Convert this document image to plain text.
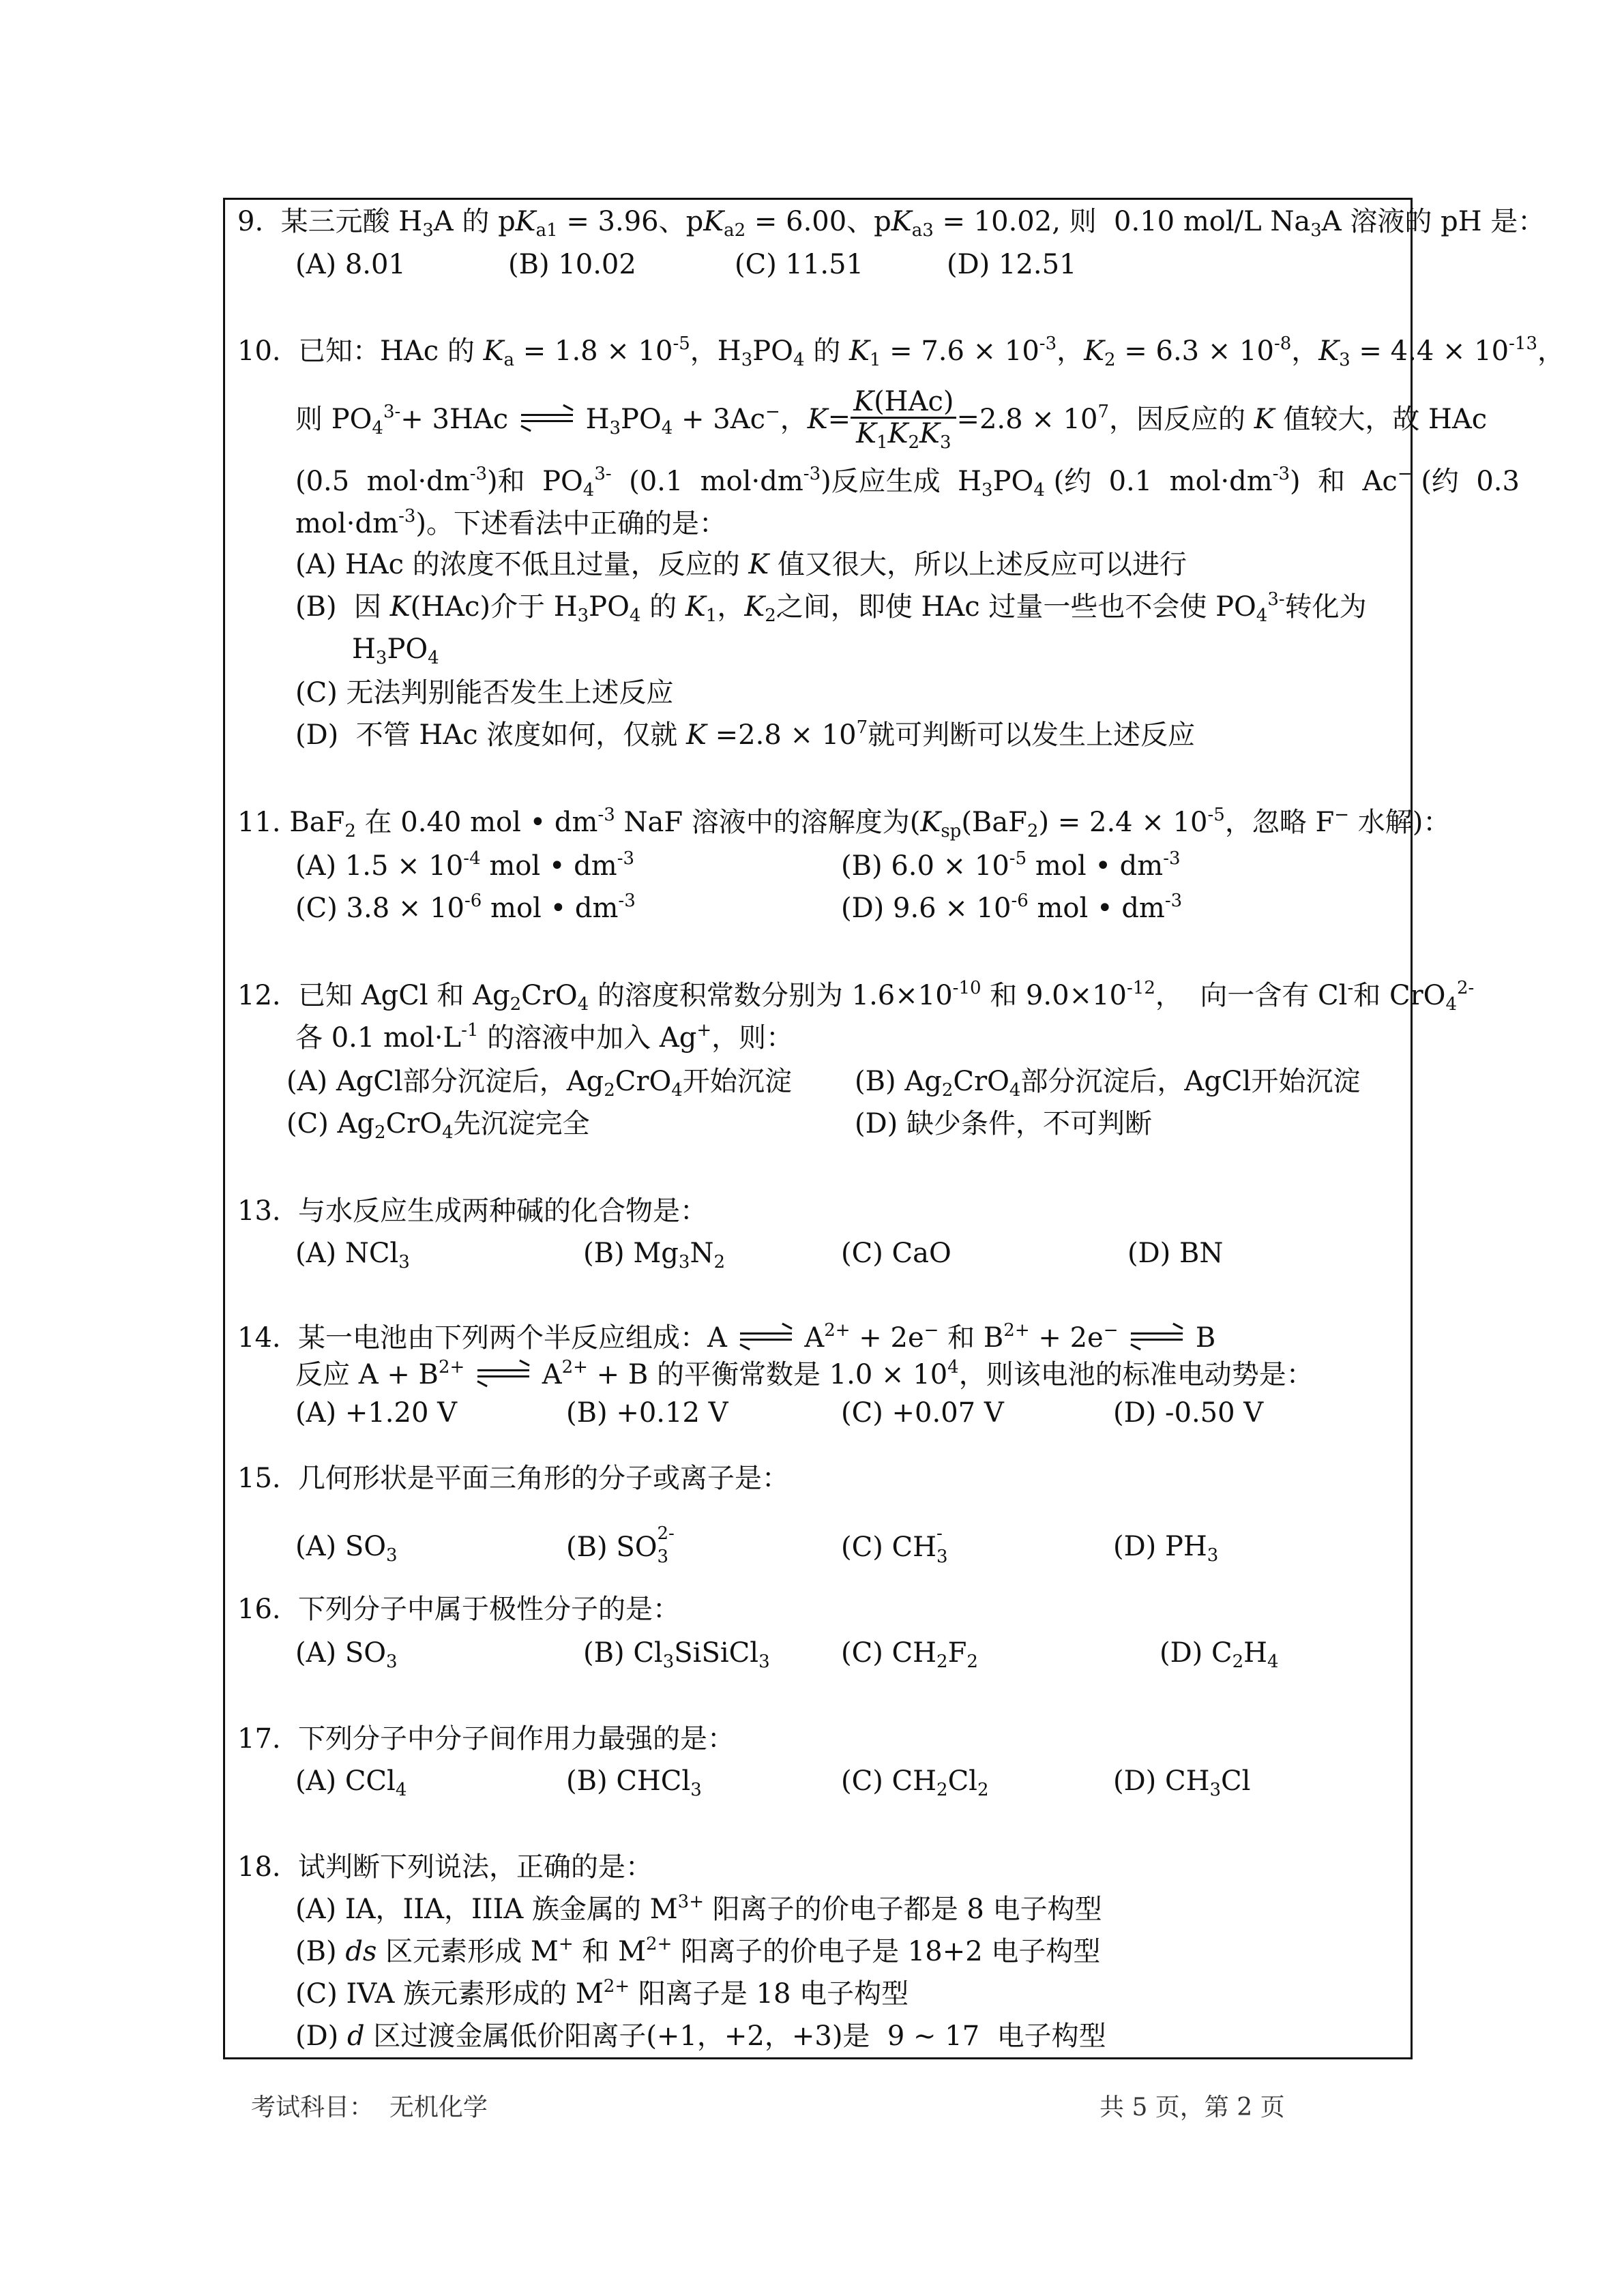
9.  某三元酸 $H_3A$ 的 $pK_{a1} = 3.96$、$pK_{a2} = 6.00$、$pK_{a3} = 10.02$, 则  0.10 mol/L $Na_3A$ 溶液的 pH 是：
(A) 8.01	(B) 10.02	(C) 11.51	(D) 12.51
10.  已知：HAc 的 $K_a = 1.8 \times 10^{-5}$，$H_3PO_4$ 的 $K_1 = 7.6 \times 10^{-3}$，$K_2 = 6.3 \times 10^{-8}$，$K_3 = 4.4 \times 10^{-13}$，
则 $PO_4^{3-}+ 3HAc$
$H_3PO_4 + 3Ac^-$，$K= \frac{\text{K(HAc)}}{K_1K_2K_3} =2.8 \times 10^7$，因反应的 K 值较大，故 HAc
(0.5  $mol\cdot dm^{-3}$)和  $PO_4^{3-}$  (0.1  $mol\cdot dm^{-3}$)反应生成  $H_3PO_4$ (约  0.1  $mol\cdot dm^{-3}$)  和  Ac− (约  0.3
$mol\cdot dm^{-3}$)。下述看法中正确的是：
(A) HAc 的浓度不低且过量，反应的 K 值又很大，所以上述反应可以进行
(B)  因 K(HAc)介于 $H_3PO_4$ 的 $K_1$，$K_2$之间，即使 HAc 过量一些也不会使 $PO_4^{3-}$转化为
$H_3PO_4$
(C) 无法判别能否发生上述反应
(D)  不管 HAc 浓度如何，仅就 $K =2.8 \times 10^7$就可判断可以发生上述反应
11. BaF$_2$ 在 0.40 mol • $dm^{-3}$ NaF 溶液中的溶解度为($K_{sp}(BaF_2) = 2.4 \times 10^{-5}$，忽略 F− 水解)：
(A) $1.5 \times 10^{-4}$ mol • $dm^{-3}$	(B) $6.0 \times 10^{-5}$ mol • $dm^{-3}$
(C) $3.8 \times 10^{-6}$ mol • $dm^{-3}$	(D) $9.6 \times 10^{-6}$ mol • $dm^{-3}$
12.  已知 AgCl 和 $Ag_2CrO_4$ 的溶度积常数分别为 $1.6\times 10^{-10}$ 和 $9.0\times 10^{-12}$，  向一含有 Cl-和 CrO$_4^{2-}$
各 0.1 $mol\cdot L^{-1}$ 的溶液中加入 Ag+，则：
(A) AgCl部分沉淀后，$Ag_2CrO_4$开始沉淀 (B) $Ag_2CrO_4$部分沉淀后，AgCl开始沉淀
(C) $Ag_2CrO_4$先沉淀完全	(D) 缺少条件，不可判断
13.  与水反应生成两种碱的化合物是：
(A) NCl$_3$	(B) $Mg_3N_2$	(C) CaO	(D) BN
14.  某一电池由下列两个半反应组成：A
$A^{2+} + 2e^-$ 和 $B^{2+} + 2e^-$	B
反应 $A + B^{2+}$	$A^{2+} + B$ 的平衡常数是 $1.0 \times 10^4$，则该电池的标准电动势是：
(A) +1.20 V	(B) +0.12 V	(C) +0.07 V	(D) -0.50 V
15.  几何形状是平面三角形的分子或离子是：
(A) $SO_3$	(B) SO 2-
3	(C) CH -
3	(D) $PH_3$
16.  下列分子中属于极性分子的是：
(A) $SO_3$	(B) $Cl_3SiSiCl_3$	(C) $CH_2F_2$	(D) $C_2H_4$
17.  下列分子中分子间作用力最强的是：
(A) CCl$_4$	(B) CHCl$_3$	(C) $CH_2Cl_2$	(D) $CH_3Cl$
18.  试判断下列说法，正确的是：
(A) IA，IIA，IIIA 族金属的 $M^{3+}$ 阳离子的价电子都是 8 电子构型
(B) ds 区元素形成 M+ 和 $M^{2+}$ 阳离子的价电子是 18+2 电子构型
(C) IVA 族元素形成的 $M^{2+}$ 阳离子是 18 电子构型
(D) d 区过渡金属低价阳离子(+1，+2，+3)是  9 ~ 17  电子构型
考试科目： 无机化学	共 5 页，第 2 页
